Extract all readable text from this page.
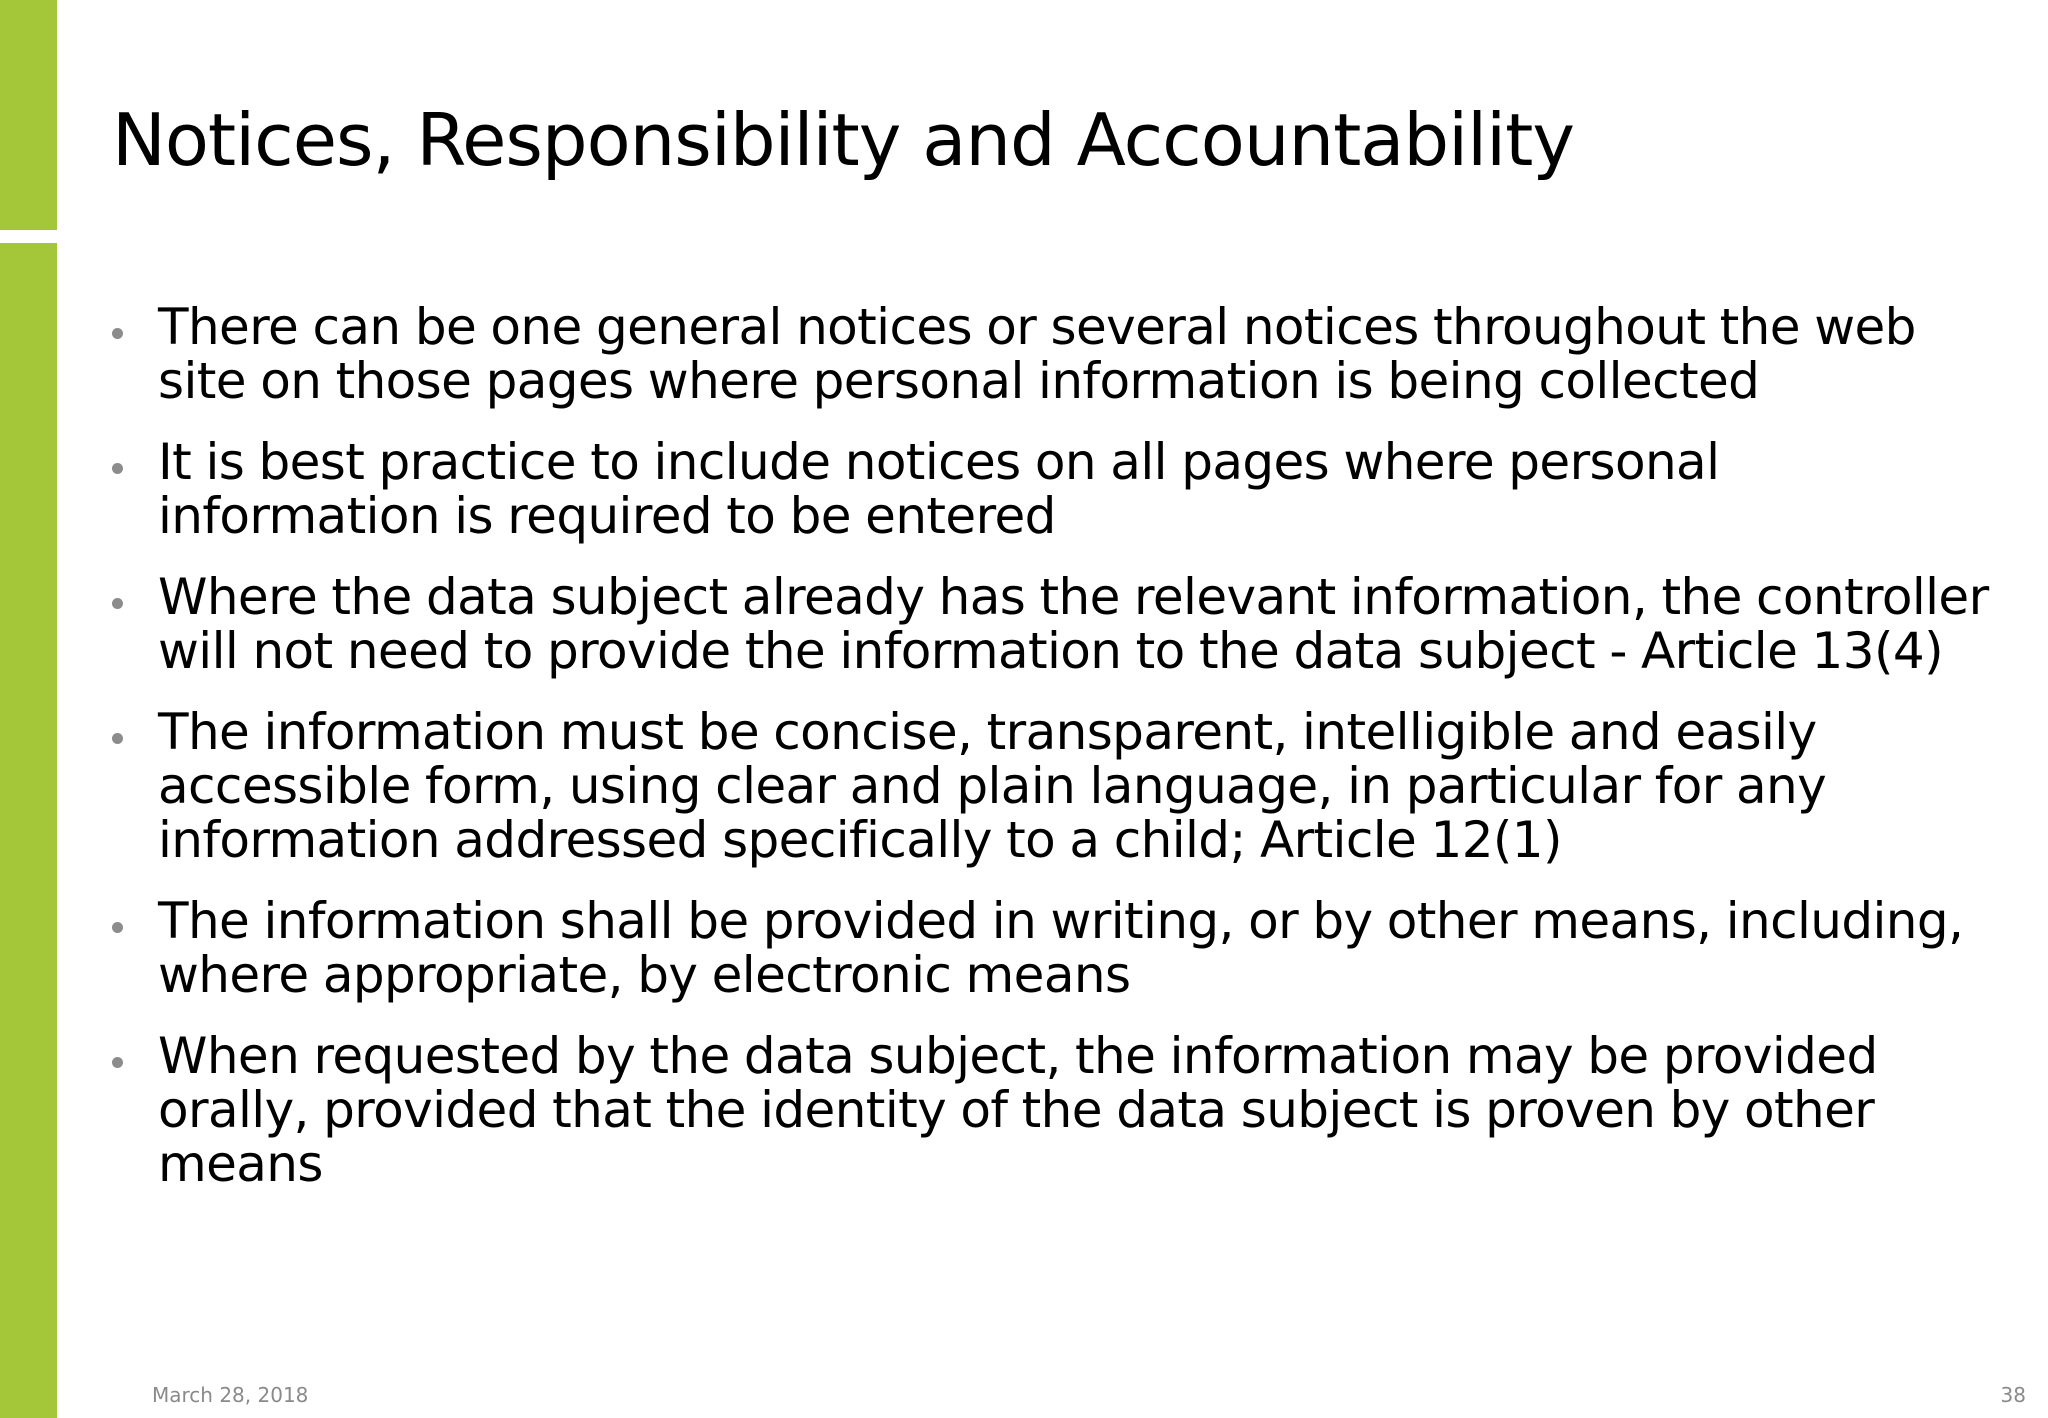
Notices, Responsibility and Accountability
There can be one general notices or several notices throughout the web site on those pages where personal information is being collected
It is best practice to include notices on all pages where personal information is required to be entered
Where the data subject already has the relevant information, the controller will not need to provide the information to the data subject - Article 13(4)
The information must be concise, transparent, intelligible and easily accessible form, using clear and plain language, in particular for any information addressed specifically to a child; Article 12(1)
The information shall be provided in writing, or by other means, including, where appropriate, by electronic means
When requested by the data subject, the information may be provided orally, provided that the identity of the data subject is proven by other means
March 28, 2018	38
